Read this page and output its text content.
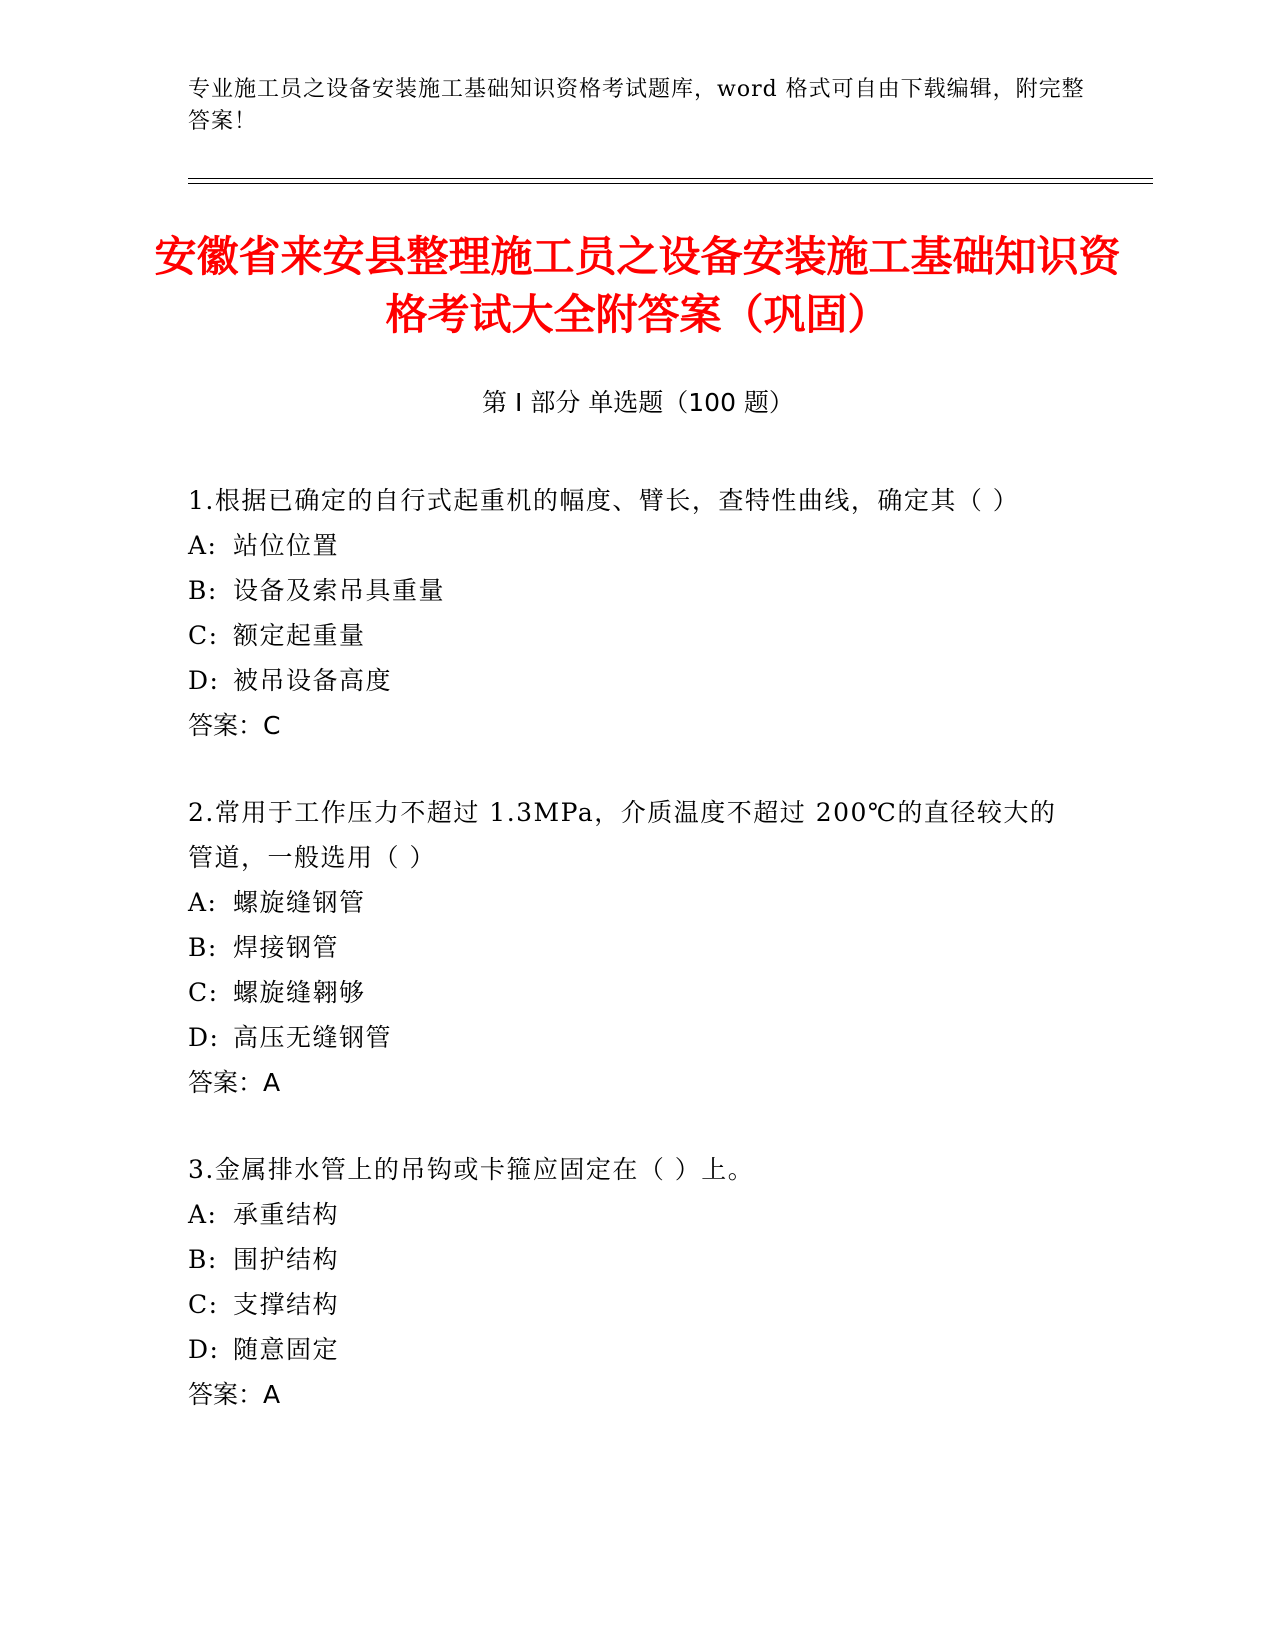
专业施工员之设备安装施工基础知识资格考试题库，word 格式可自由下载编辑，附完整答案！
安徽省来安县整理施工员之设备安装施工基础知识资格考试大全附答案（巩固）
第 I 部分 单选题（100 题）
1.根据已确定的自行式起重机的幅度、臂长，查特性曲线，确定其（ ）
A: 站位位置
B: 设备及索吊具重量
C: 额定起重量
D: 被吊设备高度
答案：C
2.常用于工作压力不超过 1.3MPa，介质温度不超过 200℃的直径较大的管道，一般选用（ ）
A: 螺旋缝钢管
B: 焊接钢管
C: 螺旋缝翱够
D: 高压无缝钢管
答案：A
3.金属排水管上的吊钩或卡箍应固定在（ ）上。
A: 承重结构
B: 围护结构
C: 支撑结构
D: 随意固定
答案：A
